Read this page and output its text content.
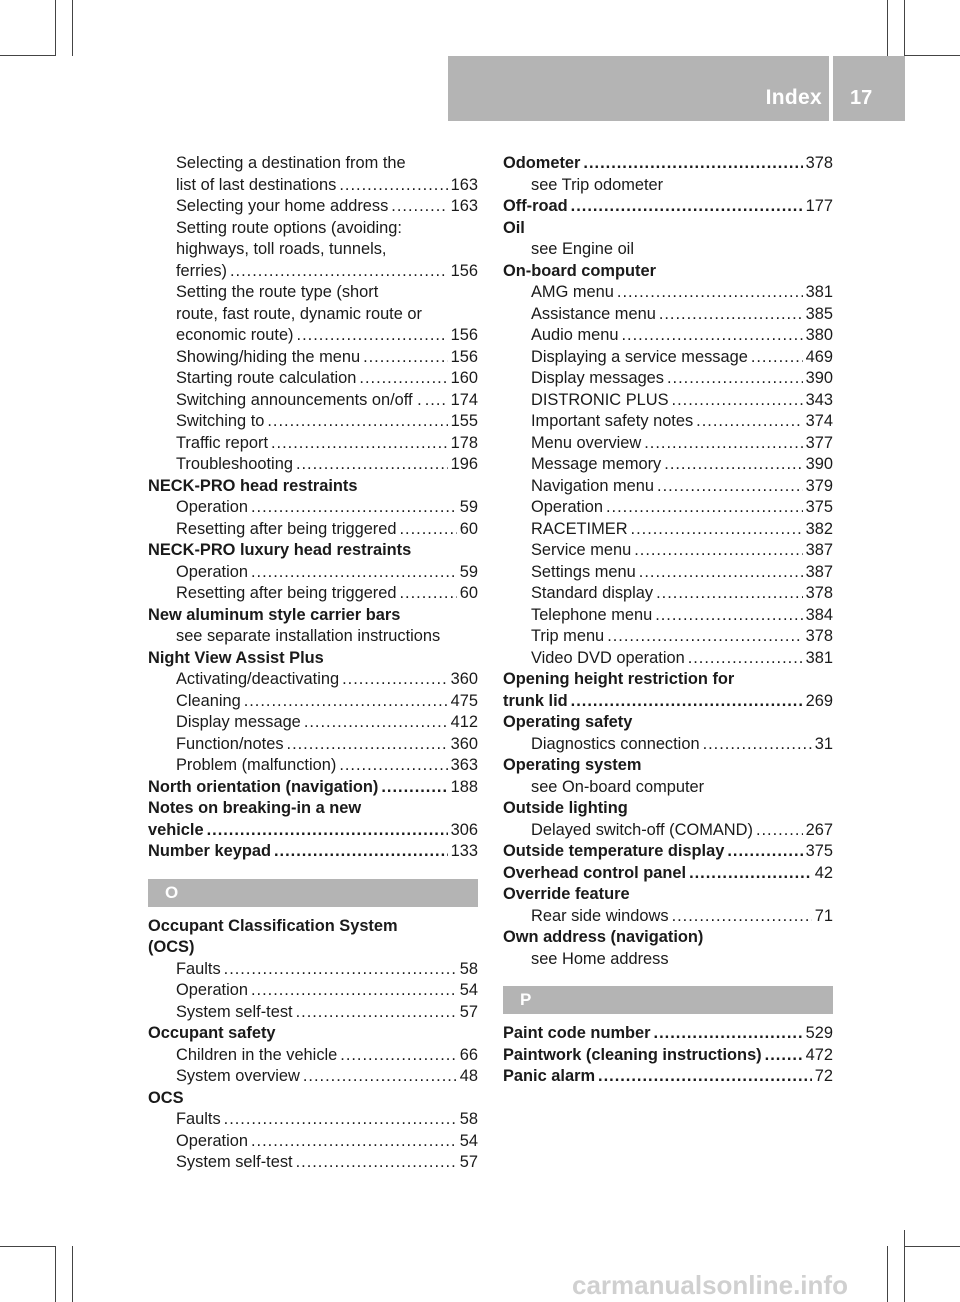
Index 17
Selecting a destination from the
list of last destinations .....	163
Selecting your home address .....	163
Setting route options (avoiding:
highways, toll roads, tunnels,
ferries) .....	156
Setting the route type (short
route, fast route, dynamic route or
economic route) .....	156
Showing/hiding the menu .....	156
Starting route calculation .....	160
Switching announcements on/off . ..... 174
Switching to .....	155
Traffic report .....	178
Troubleshooting .....	196
NECK-PRO head restraints
Operation .....	59
Resetting after being triggered .....	60
NECK-PRO luxury head restraints
Operation .....	59
Resetting after being triggered .....	60
New aluminum style carrier bars
see separate installation instructions
Night View Assist Plus
Activating/deactivating .....	360
Cleaning .....	475
Display message .....	412
Function/notes .....	360
Problem (malfunction) .....	363
North orientation (navigation) .....	188
Notes on breaking-in a new
vehicle .....	306
Number keypad .....	133
O
Occupant Classification System
(OCS)
Faults .....	58
Operation .....	54
System self-test .....	57
Occupant safety
Children in the vehicle .....	66
System overview .....	48
OCS
Faults .....	58
Operation .....	54
System self-test .....	57
Odometer .....	378
see Trip odometer
Off-road .....	177
Oil
see Engine oil
On-board computer
AMG menu .....	381
Assistance menu .....	385
Audio menu .....	380
Displaying a service message .....	469
Display messages .....	390
DISTRONIC PLUS .....	343
Important safety notes .....	374
Menu overview .....	377
Message memory .....	390
Navigation menu .....	379
Operation .....	375
RACETIMER .....	382
Service menu .....	387
Settings menu .....	387
Standard display .....	378
Telephone menu .....	384
Trip menu .....	378
Video DVD operation .....	381
Opening height restriction for
trunk lid .....	269
Operating safety
Diagnostics connection .....	31
Operating system
see On-board computer
Outside lighting
Delayed switch-off (COMAND) .....	267
Outside temperature display .....	375
Overhead control panel .....	42
Override feature
Rear side windows .....	71
Own address (navigation)
see Home address
P
Paint code number .....	529
Paintwork (cleaning instructions) .....	472
Panic alarm .....	72
carmanualsonline.info
